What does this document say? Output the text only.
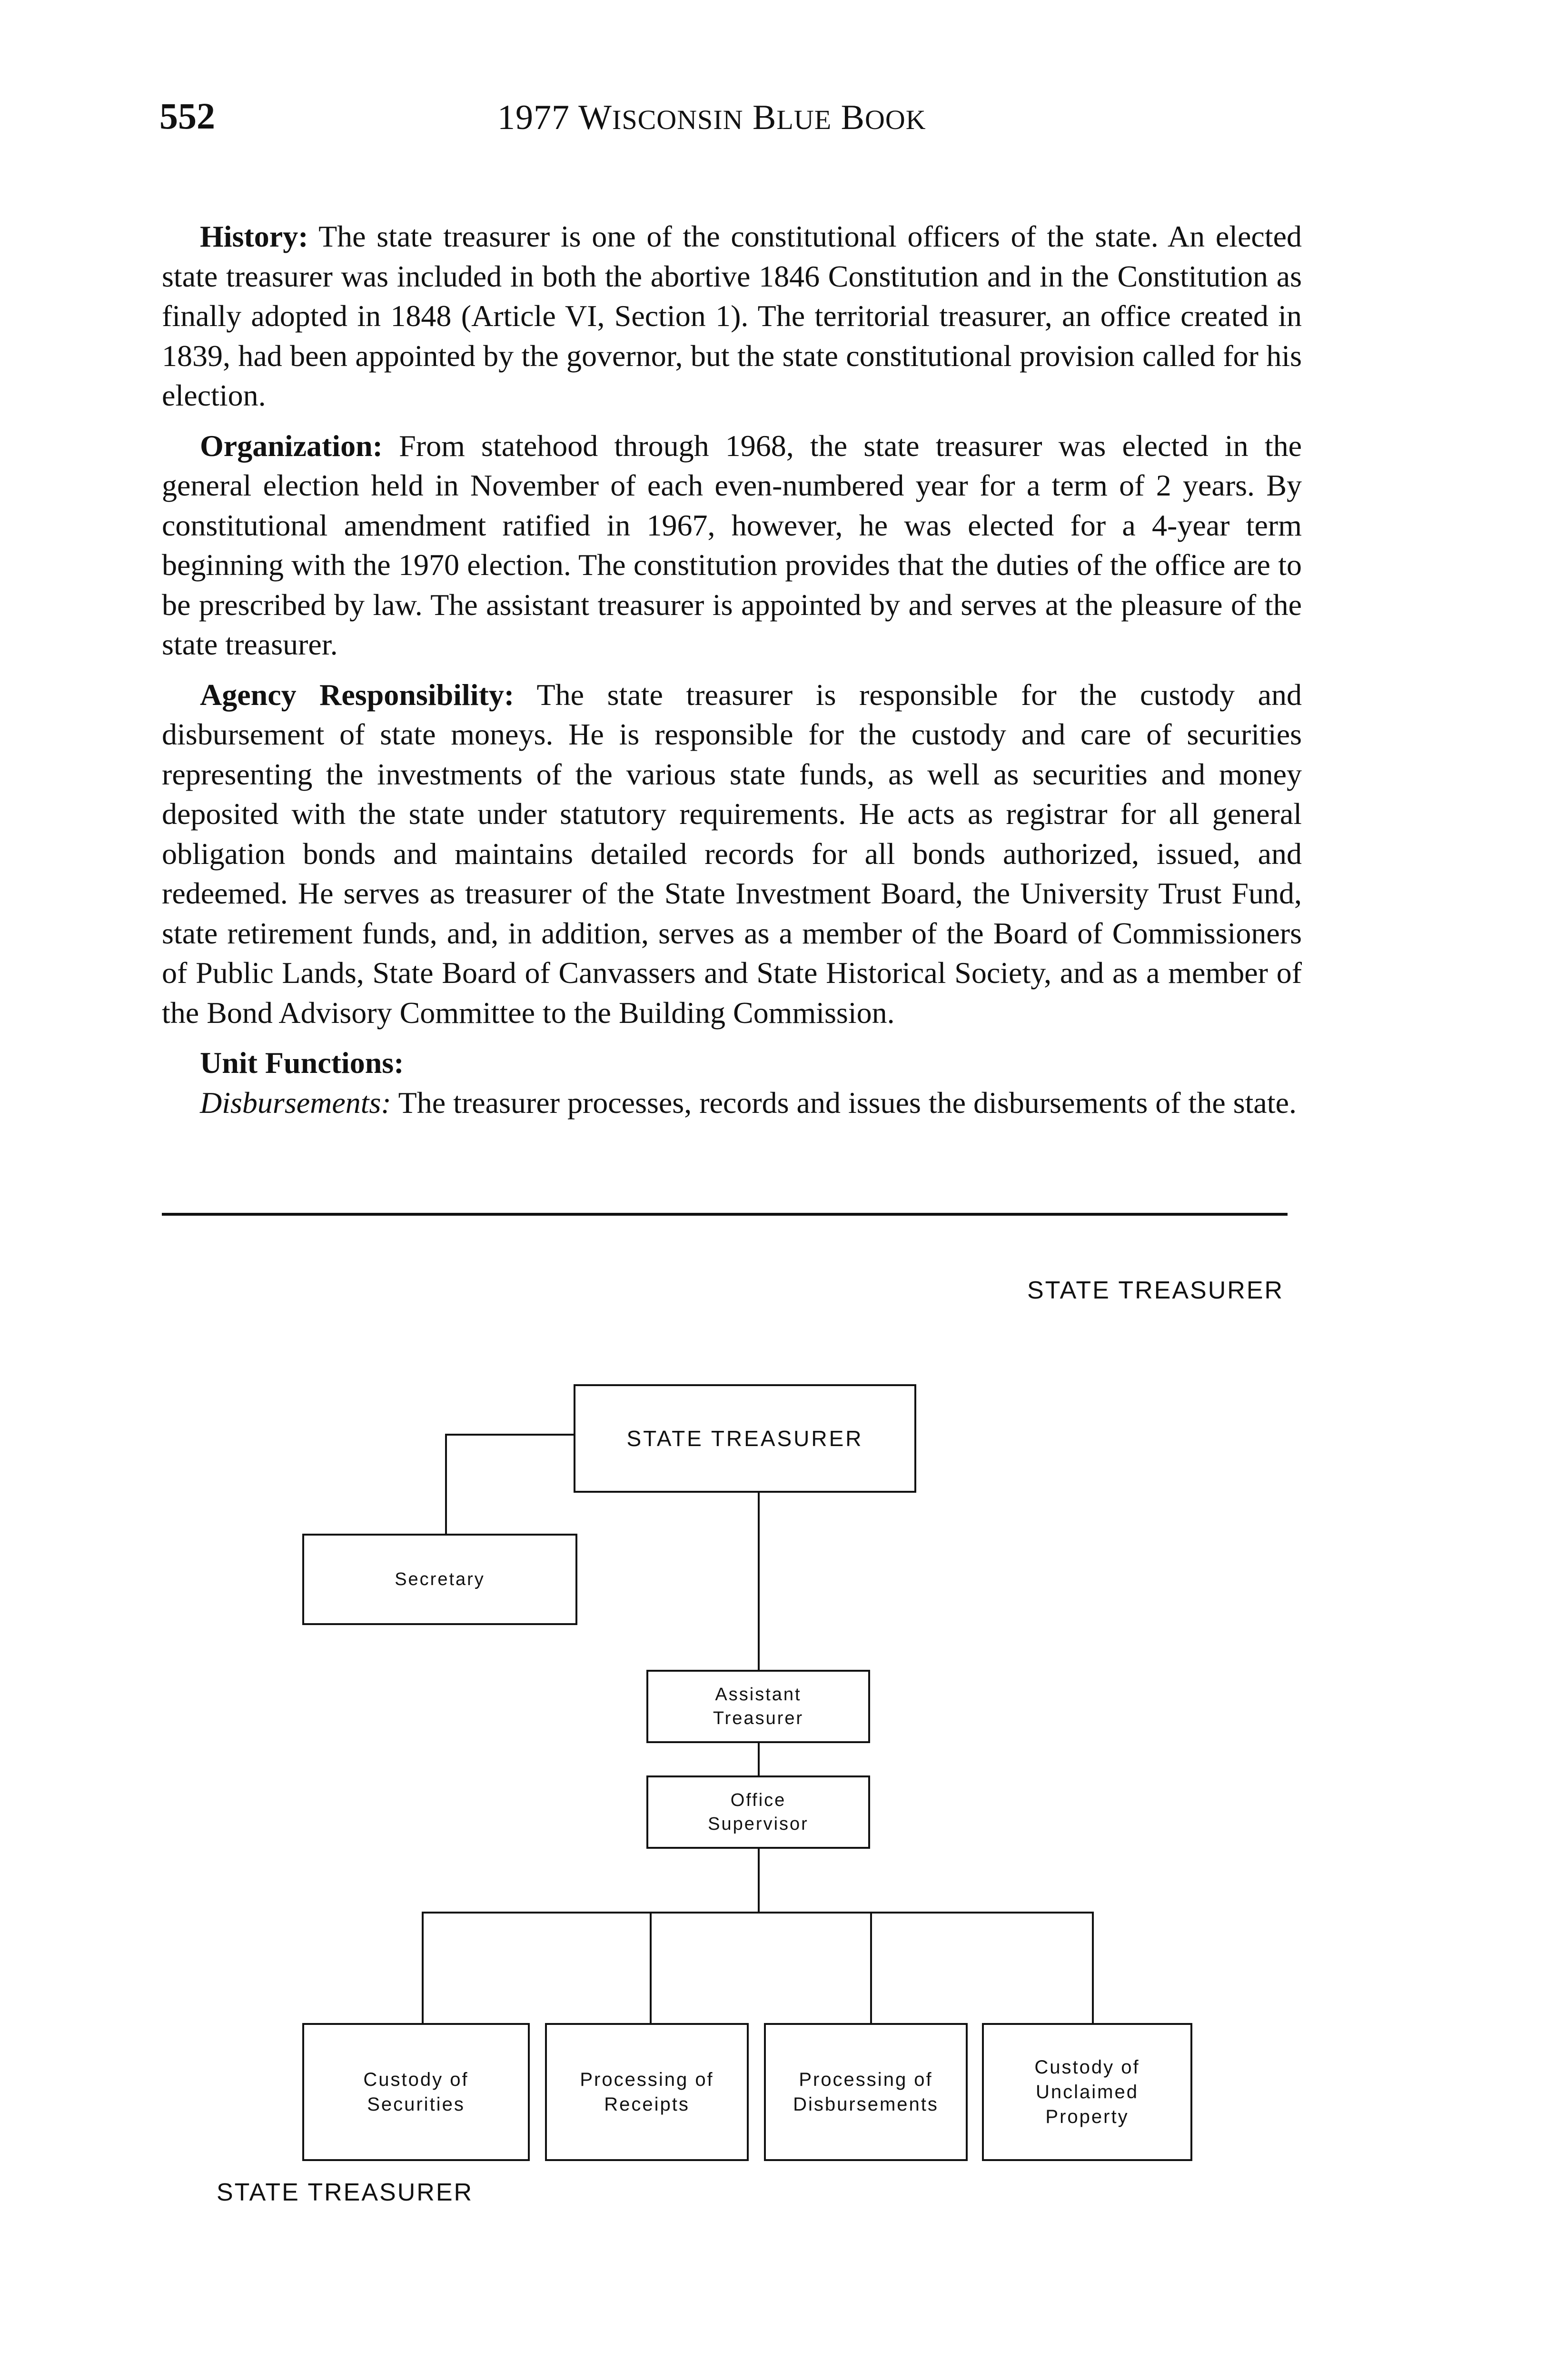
552	1977 WISCONSIN BLUE BOOK

History: The state treasurer is one of the constitutional officers of the state. An elected state treasurer was included in both the abortive 1846 Constitution and in the Constitution as finally adopted in 1848 (Article VI, Section 1). The territorial treasurer, an office created in 1839, had been appointed by the governor, but the state constitutional provision called for his election.

Organization: From statehood through 1968, the state treasurer was elected in the general election held in November of each even-numbered year for a term of 2 years. By constitutional amendment ratified in 1967, however, he was elected for a 4-year term beginning with the 1970 election. The constitution provides that the duties of the office are to be prescribed by law. The assistant treasurer is appointed by and serves at the pleasure of the state treasurer.

Agency Responsibility: The state treasurer is responsible for the custody and disbursement of state moneys. He is responsible for the custody and care of securities representing the investments of the various state funds, as well as securities and money deposited with the state under statutory requirements. He acts as registrar for all general obligation bonds and maintains detailed records for all bonds authorized, issued, and redeemed. He serves as treasurer of the State Investment Board, the University Trust Fund, state retirement funds, and, in addition, serves as a member of the Board of Commissioners of Public Lands, State Board of Canvassers and State Historical Society, and as a member of the Bond Advisory Committee to the Building Commission.

Unit Functions:

Disbursements: The treasurer processes, records and issues the disbursements of the state.

STATE TREASURER
STATE TREASURER
STATE TREASURER
Secretary
Assistant
Treasurer
Office
Supervisor
Custody of
Securities
Processing of
Receipts
Processing of
Disbursements
Custody of
Unclaimed
Property
